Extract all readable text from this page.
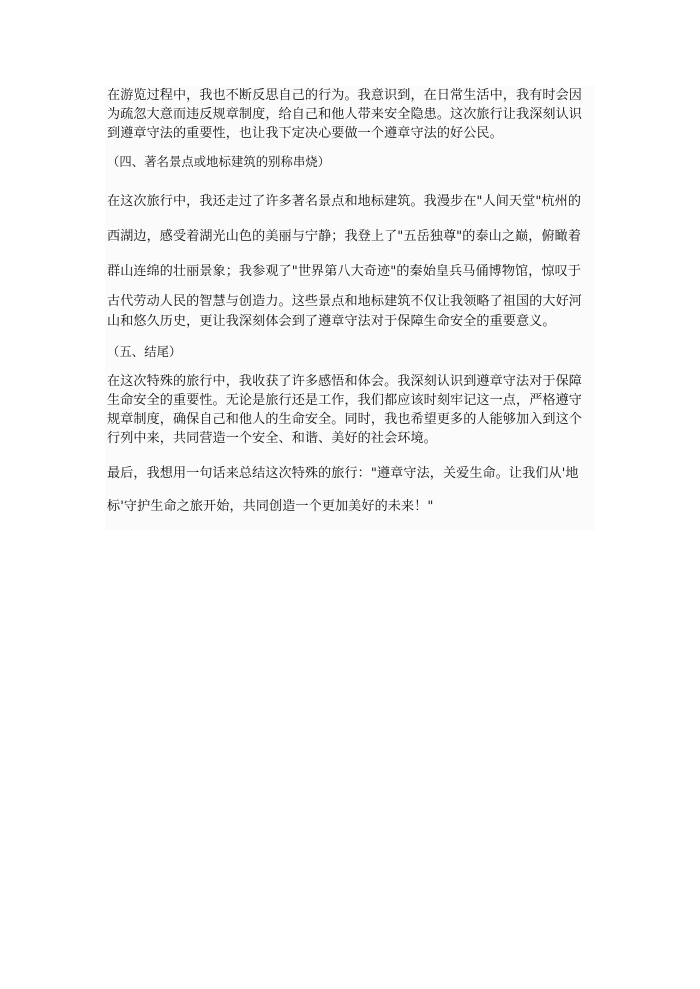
在游览过程中，我也不断反思自己的行为。我意识到，在日常生活中，我有时会因
为疏忽大意而违反规章制度，给自己和他人带来安全隐患。这次旅行让我深刻认识
到遵章守法的重要性，也让我下定决心要做一个遵章守法的好公民。
（四、著名景点或地标建筑的别称串烧）
在这次旅行中，我还走过了许多著名景点和地标建筑。我漫步在"人间天堂"杭州的
西湖边，感受着湖光山色的美丽与宁静；我登上了"五岳独尊"的泰山之巅，俯瞰着
群山连绵的壮丽景象；我参观了"世界第八大奇迹"的秦始皇兵马俑博物馆，惊叹于
古代劳动人民的智慧与创造力。这些景点和地标建筑不仅让我领略了祖国的大好河
山和悠久历史，更让我深刻体会到了遵章守法对于保障生命安全的重要意义。
（五、结尾）
在这次特殊的旅行中，我收获了许多感悟和体会。我深刻认识到遵章守法对于保障
生命安全的重要性。无论是旅行还是工作，我们都应该时刻牢记这一点，严格遵守
规章制度，确保自己和他人的生命安全。同时，我也希望更多的人能够加入到这个
行列中来，共同营造一个安全、和谐、美好的社会环境。
最后，我想用一句话来总结这次特殊的旅行："遵章守法，关爱生命。让我们从'地
标'守护生命之旅开始，共同创造一个更加美好的未来！"
